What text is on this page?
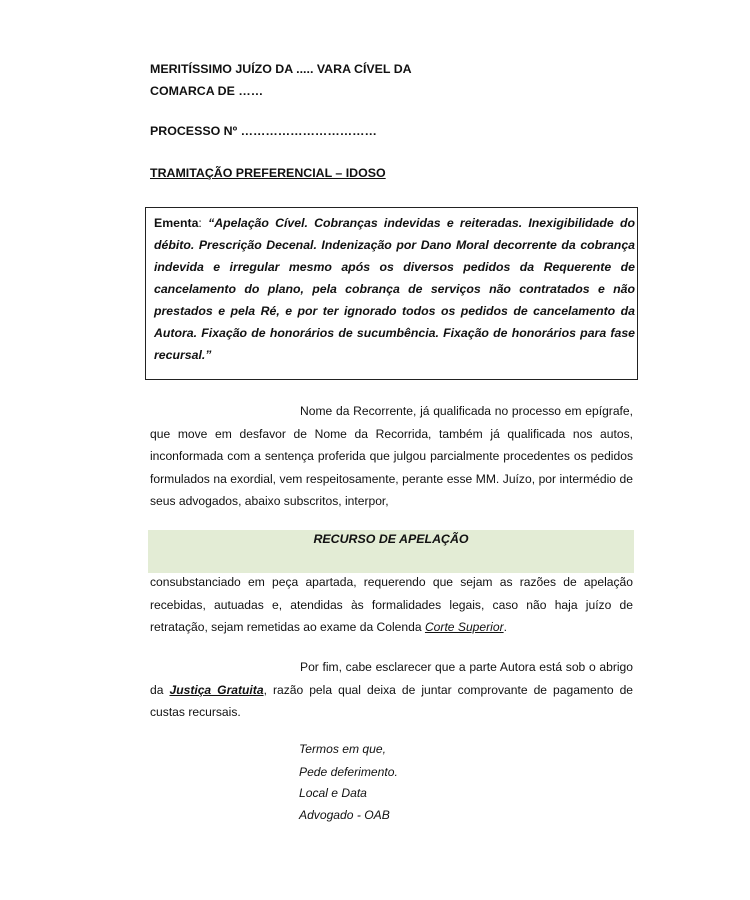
MERITÍSSIMO JUÍZO DA ..... VARA CÍVEL DA
COMARCA DE ……
PROCESSO Nº ……………………………
TRAMITAÇÃO PREFERENCIAL – IDOSO
Ementa: “Apelação Cível. Cobranças indevidas e reiteradas. Inexigibilidade do débito. Prescrição Decenal. Indenização por Dano Moral decorrente da cobrança indevida e irregular mesmo após os diversos pedidos da Requerente de cancelamento do plano, pela cobrança de serviços não contratados e não prestados e pela Ré, e por ter ignorado todos os pedidos de cancelamento da Autora. Fixação de honorários de sucumbência. Fixação de honorários para fase recursal.”
Nome da Recorrente, já qualificada no processo em epígrafe, que move em desfavor de Nome da Recorrida, também já qualificada nos autos, inconformada com a sentença proferida que julgou parcialmente procedentes os pedidos formulados na exordial, vem respeitosamente, perante esse MM. Juízo, por intermédio de seus advogados, abaixo subscritos, interpor,
RECURSO DE APELAÇÃO
consubstanciado em peça apartada, requerendo que sejam as razões de apelação recebidas, autuadas e, atendidas às formalidades legais, caso não haja juízo de retratação, sejam remetidas ao exame da Colenda Corte Superior.
Por fim, cabe esclarecer que a parte Autora está sob o abrigo da Justiça Gratuita, razão pela qual deixa de juntar comprovante de pagamento de custas recursais.
Termos em que,
Pede deferimento.
Local e Data
Advogado - OAB
